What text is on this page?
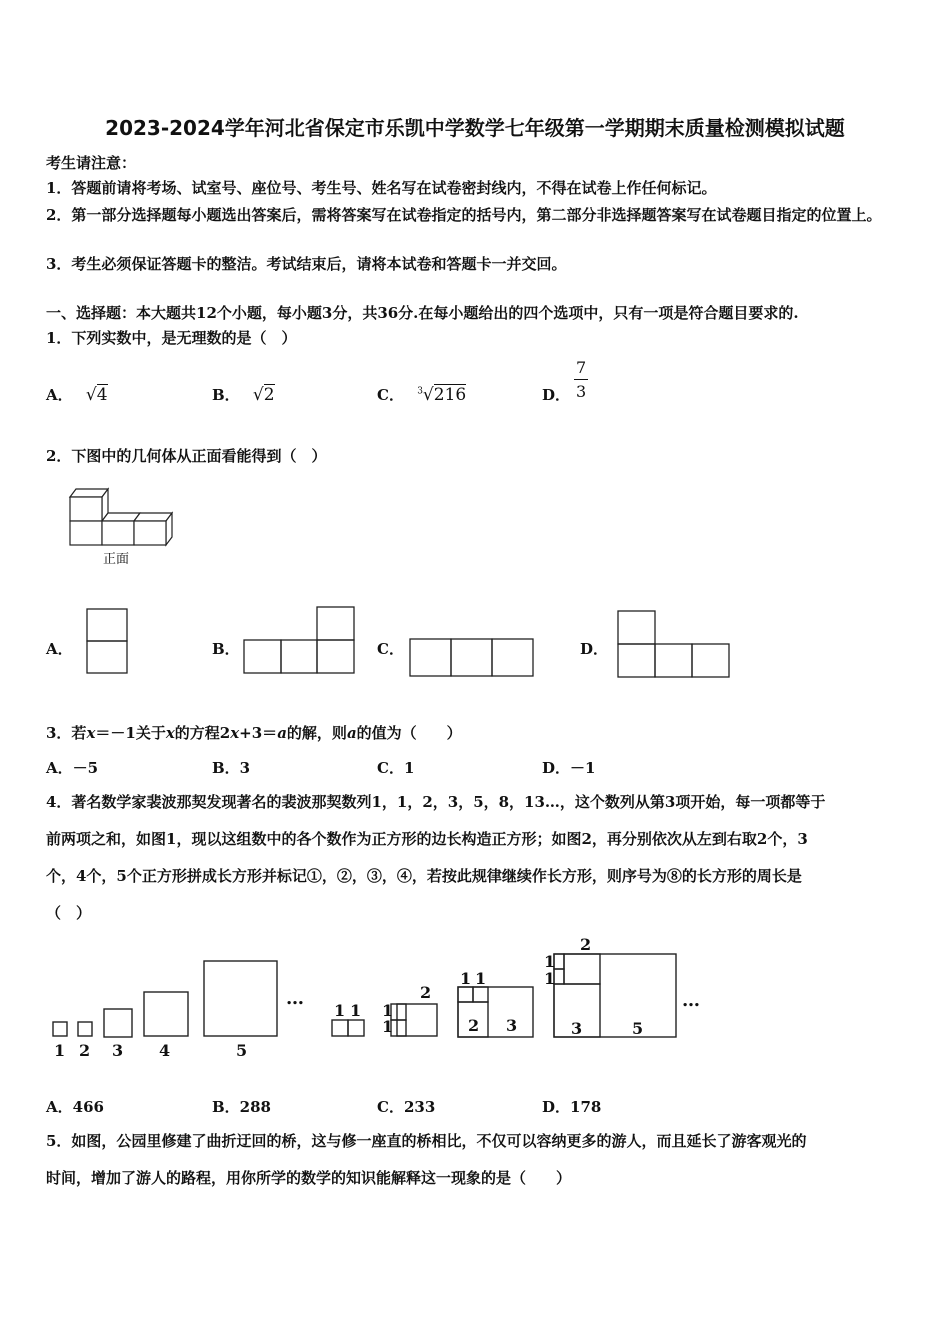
2023-2024学年河北省保定市乐凯中学数学七年级第一学期期末质量检测模拟试题
考生请注意：
1．答题前请将考场、试室号、座位号、考生号、姓名写在试卷密封线内，不得在试卷上作任何标记。
2．第一部分选择题每小题选出答案后，需将答案写在试卷指定的括号内，第二部分非选择题答案写在试卷题目指定的位置上。
3．考生必须保证答题卡的整洁。考试结束后，请将本试卷和答题卡一并交回。
一、选择题：本大题共12个小题，每小题3分，共36分.在每小题给出的四个选项中，只有一项是符合题目要求的.
1．下列实数中，是无理数的是（　）
A． √4	B． √2	C． $^3$√216	D． $\frac{7}{3}$
2．下图中的几何体从正面看能得到（　）
正面
A．	B．	C．	D．
3．若x＝－1关于x的方程2x+3＝a的解，则a的值为（　　）
A．－5	B．3	C．1	D．－1
4．著名数学家裴波那契发现著名的裴波那契数列1，1，2，3，5，8，13…，这个数列从第3项开始，每一项都等于
前两项之和，如图1，现以这组数中的各个数作为正方形的边长构造正方形；如图2，再分别依次从左到右取2个，3
个，4个，5个正方形拼成长方形并标记①，②，③，④，若按此规律继续作长方形，则序号为⑧的长方形的周长是
（　）
1 2 3 4	5
…	…
1 1 1
1
2
1 1
2 3
1
1
2
3	5
A．466	B．288	C．233	D．178
5．如图，公园里修建了曲折迂回的桥，这与修一座直的桥相比，不仅可以容纳更多的游人，而且延长了游客观光的
时间，增加了游人的路程，用你所学的数学的知识能解释这一现象的是（　　）
